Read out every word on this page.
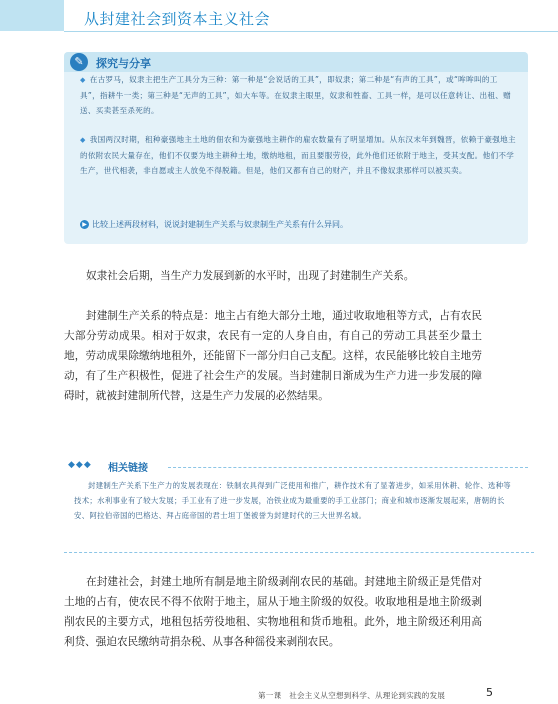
从封建社会到资本主义社会
✎	探究与分享
◆ 在古罗马，奴隶主把生产工具分为三种：第一种是“会说话的工具”，即奴隶；第二种是“有声的工具”，或“哞哞叫的工具”，指耕牛一类；第三种是“无声的工具”，如大车等。在奴隶主眼里，奴隶和牲畜、工具一样，是可以任意转让、出租、赠送、买卖甚至杀死的。
◆ 我国两汉时期，租种豪强地主土地的佃农和为豪强地主耕作的雇农数量有了明显增加。从东汉末年到魏晋，依赖于豪强地主的依附农民大量存在，他们不仅要为地主耕种土地，缴纳地租，而且要服劳役，此外他们还依附于地主，受其支配。他们不学生产，世代相袭，非自愿或主人放免不得脱籍。但是，他们又都有自己的财产，并且不像奴隶那样可以被买卖。
▶ 比较上述两段材料，说说封建制生产关系与奴隶制生产关系有什么异同。
奴隶社会后期，当生产力发展到新的水平时，出现了封建制生产关系。
封建制生产关系的特点是：地主占有绝大部分土地，通过收取地租等方式，占有农民大部分劳动成果。相对于奴隶，农民有一定的人身自由，有自己的劳动工具甚至少量土地，劳动成果除缴纳地租外，还能留下一部分归自己支配。这样，农民能够比较自主地劳动，有了生产积极性，促进了社会生产的发展。当封建制日渐成为生产力进一步发展的障碍时，就被封建制所代替，这是生产力发展的必然结果。
◆◆◆ 相关链接
封建制生产关系下生产力的发展表现在：铁制农具得到广泛使用和推广，耕作技术有了显著进步，如采用休耕、轮作、选种等技术；水利事业有了较大发展；手工业有了进一步发展，冶铁业成为最重要的手工业部门；商业和城市逐渐发展起来，唐朝的长安、阿拉伯帝国的巴格达、拜占庭帝国的君士坦丁堡被誉为封建时代的三大世界名城。
在封建社会，封建土地所有制是地主阶级剥削农民的基础。封建地主阶级正是凭借对土地的占有，使农民不得不依附于地主，屈从于地主阶级的奴役。收取地租是地主阶级剥削农民的主要方式，地租包括劳役地租、实物地租和货币地租。此外，地主阶级还利用高利贷、强迫农民缴纳苛捐杂税、从事各种徭役来剥削农民。
第一课　社会主义从空想到科学、从理论到实践的发展	5
